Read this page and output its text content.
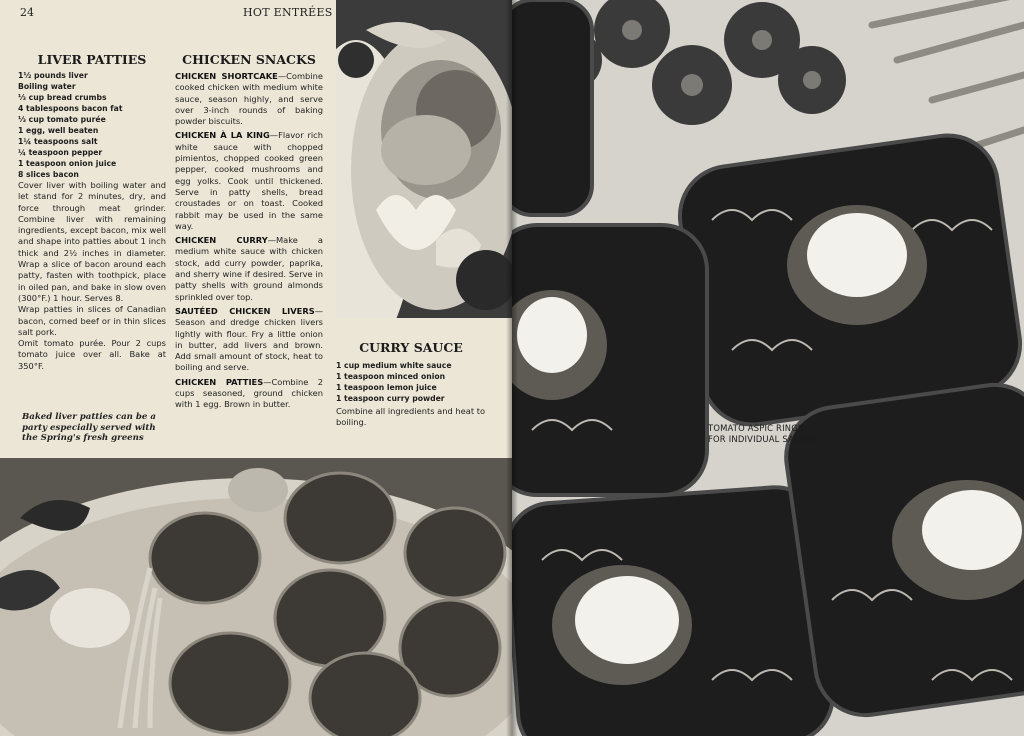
24	HOT ENTRÉES

LIVER PATTIES

1½ pounds liver
Boiling water
⅓ cup bread crumbs
4 tablespoons bacon fat
⅓ cup tomato purée
1 egg, well beaten
1¼ teaspoons salt
¼ teaspoon pepper
1 teaspoon onion juice
8 slices bacon

Cover liver with boiling water and let stand for 2 minutes, dry, and force through meat grinder. Combine liver with remaining ingredients, except bacon, mix well and shape into patties about 1 inch thick and 2½ inches in diameter. Wrap a slice of bacon around each patty, fasten with toothpick, place in oiled pan, and bake in slow oven (300°F.) 1 hour. Serves 8.

Wrap patties in slices of Canadian bacon, corned beef or in thin slices salt pork.

Omit tomato purée. Pour 2 cups tomato juice over all. Bake at 350°F.

Baked liver patties can be a party especially served with the Spring's fresh greens

CHICKEN SNACKS

CHICKEN SHORTCAKE—Combine cooked chicken with medium white sauce, season highly, and serve over 3-inch rounds of baking powder biscuits.

CHICKEN À LA KING—Flavor rich white sauce with chopped pimientos, chopped cooked green pepper, cooked mushrooms and egg yolks. Cook until thickened. Serve in patty shells, bread croustades or on toast. Cooked rabbit may be used in the same way.

CHICKEN CURRY—Make a medium white sauce with chicken stock, add curry powder, paprika, and sherry wine if desired. Serve in patty shells with ground almonds sprinkled over top.

SAUTÉED CHICKEN LIVERS—Season and dredge chicken livers lightly with flour. Fry a little onion in butter, add livers and brown. Add small amount of stock, heat to boiling and serve.

CHICKEN PATTIES—Combine 2 cups seasoned, ground chicken with 1 egg. Brown in butter.

CURRY SAUCE

1 cup medium white sauce
1 teaspoon minced onion
1 teaspoon lemon juice
1 teaspoon curry powder

Combine all ingredients and heat to boiling.

TOMATO ASPIC RINGS
FOR INDIVIDUAL SALADS
